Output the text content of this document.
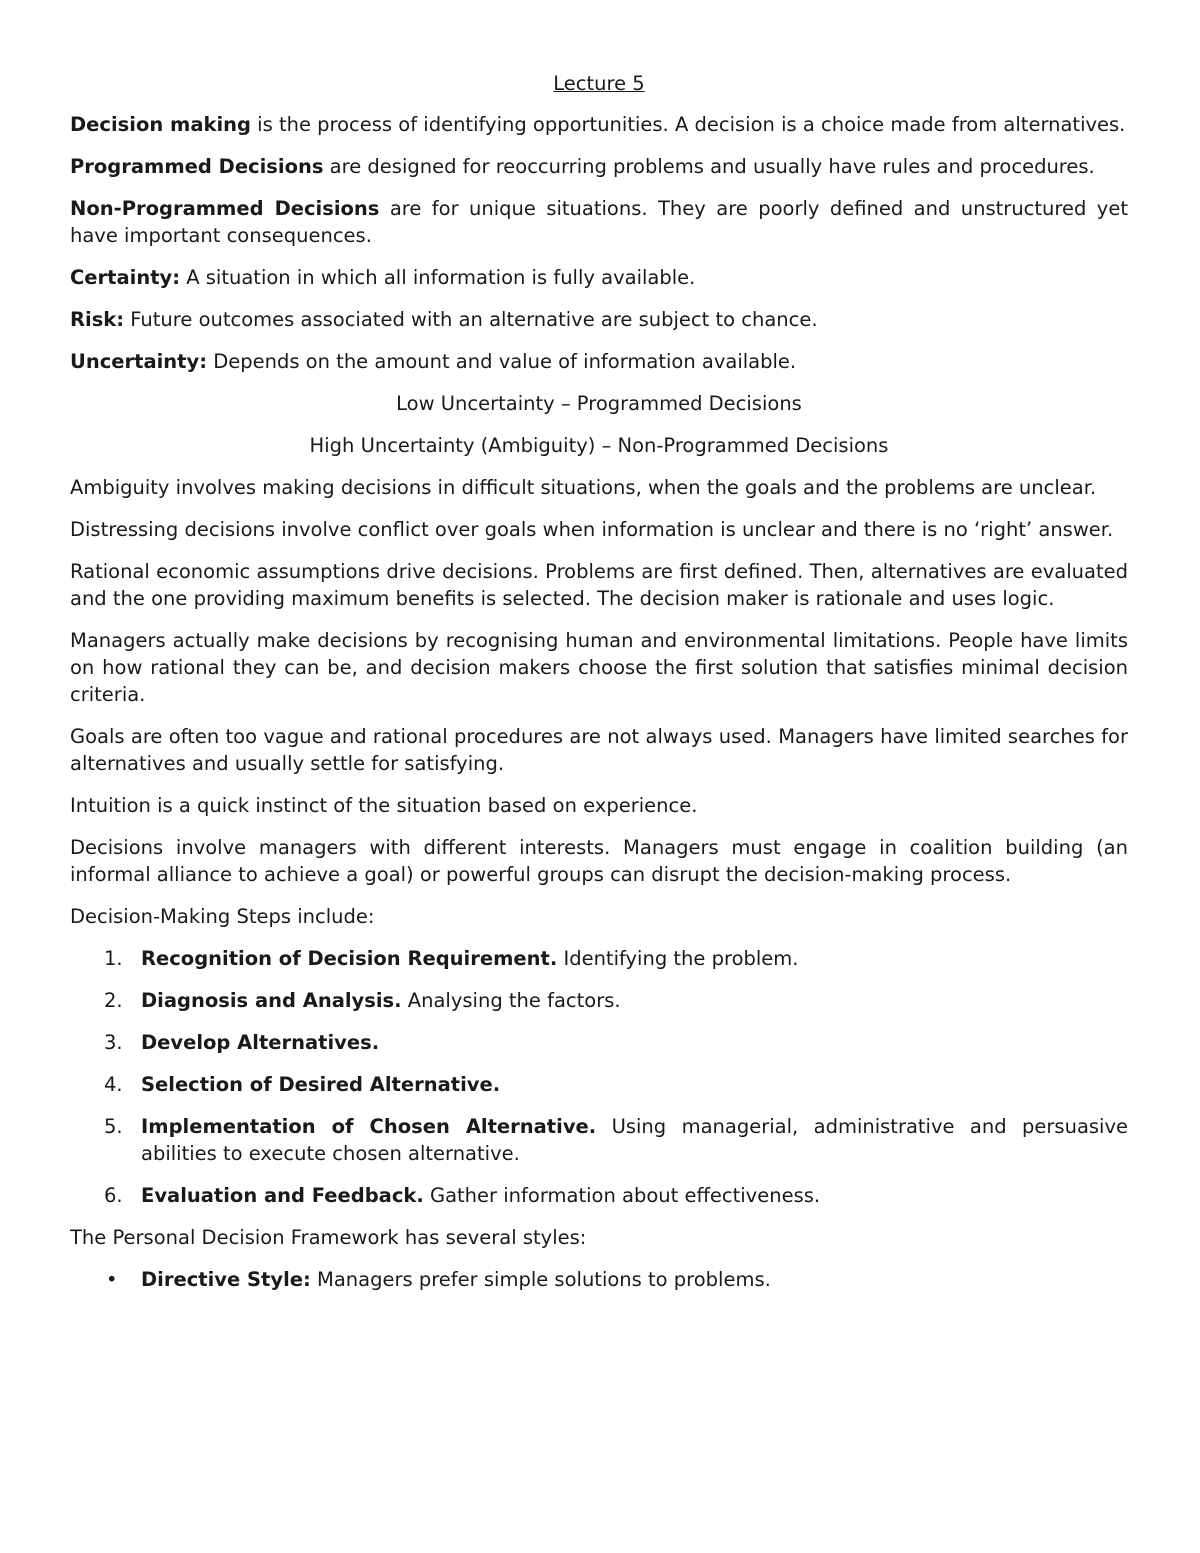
Lecture 5

Decision making is the process of identifying opportunities. A decision is a choice made from alternatives.

Programmed Decisions are designed for reoccurring problems and usually have rules and procedures.

Non-Programmed Decisions are for unique situations. They are poorly defined and unstructured yet have important consequences.

Certainty: A situation in which all information is fully available.

Risk: Future outcomes associated with an alternative are subject to chance.

Uncertainty: Depends on the amount and value of information available.

Low Uncertainty – Programmed Decisions

High Uncertainty (Ambiguity) – Non-Programmed Decisions

Ambiguity involves making decisions in difficult situations, when the goals and the problems are unclear.

Distressing decisions involve conflict over goals when information is unclear and there is no ‘right’ answer.

Rational economic assumptions drive decisions. Problems are first defined. Then, alternatives are evaluated and the one providing maximum benefits is selected. The decision maker is rationale and uses logic.

Managers actually make decisions by recognising human and environmental limitations. People have limits on how rational they can be, and decision makers choose the first solution that satisfies minimal decision criteria.

Goals are often too vague and rational procedures are not always used. Managers have limited searches for alternatives and usually settle for satisfying.

Intuition is a quick instinct of the situation based on experience.

Decisions involve managers with different interests. Managers must engage in coalition building (an informal alliance to achieve a goal) or powerful groups can disrupt the decision-making process.

Decision-Making Steps include:

1. Recognition of Decision Requirement. Identifying the problem.
2. Diagnosis and Analysis. Analysing the factors.
3. Develop Alternatives.
4. Selection of Desired Alternative.
5. Implementation of Chosen Alternative. Using managerial, administrative and persuasive abilities to execute chosen alternative.
6. Evaluation and Feedback. Gather information about effectiveness.

The Personal Decision Framework has several styles:

• Directive Style: Managers prefer simple solutions to problems.
